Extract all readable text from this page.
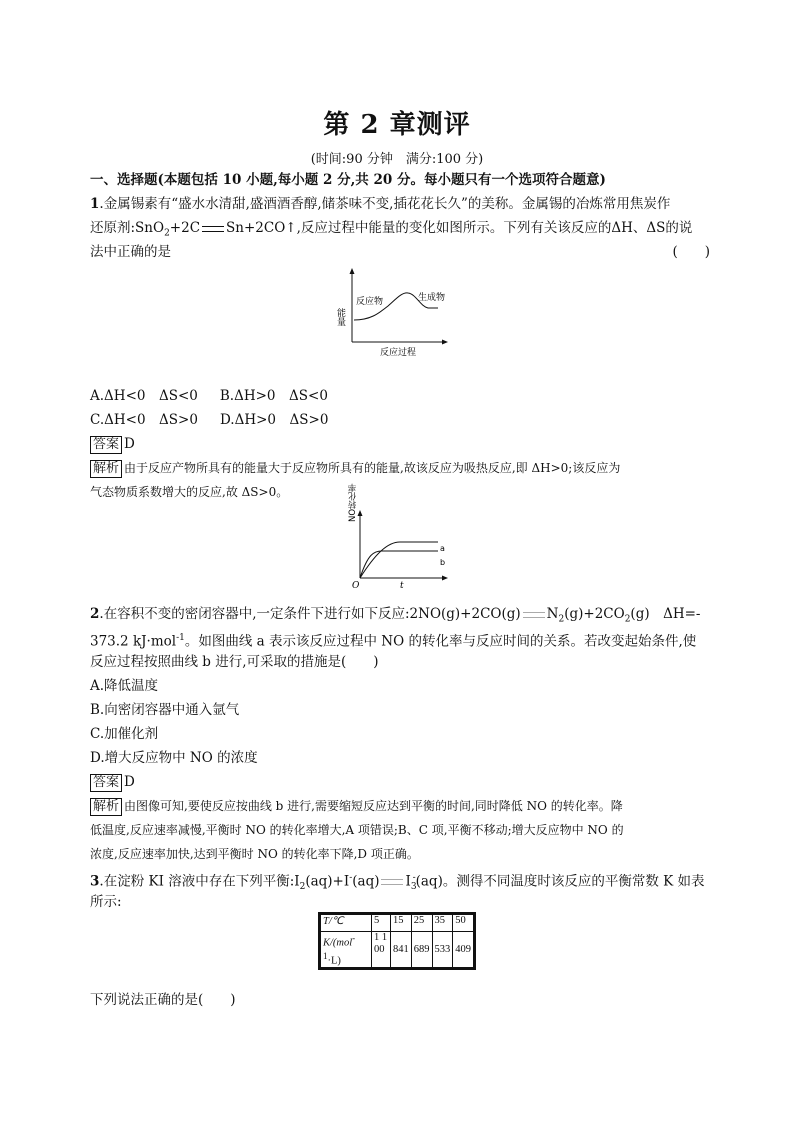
第 2 章测评
(时间:90 分钟　满分:100 分)
一、选择题(本题包括 10 小题,每小题 2 分,共 20 分。每小题只有一个选项符合题意)
1.金属锡素有“盛水水清甜,盛酒酒香醇,储茶味不变,插花花长久”的美称。金属锡的冶炼常用焦炭作
还原剂:SnO$_2$+2C Sn+2CO↑,反应过程中能量的变化如图所示。下列有关该反应的ΔH、ΔS的说
法中正确的是	(　　)
能量
反应物	生成物
反应过程
A.ΔH<0　ΔS<0 B.ΔH>0　ΔS<0
C.ΔH<0　ΔS>0 D.ΔH>0　ΔS>0
答案 D
解析 由于反应产物所具有的能量大于反应物所具有的能量,故该反应为吸热反应,即 ΔH>0;该反应为
气态物质系数增大的反应,故 ΔS>0。	NO转化率
a
b
O	t
2.在容积不变的密闭容器中,一定条件下进行如下反应:2NO(g)+2CO(g) $N_2(g)+2CO_2(g)$　ΔH=-
373.2 kJ·mol$^{-1}$。如图曲线 a 表示该反应过程中 NO 的转化率与反应时间的关系。若改变起始条件,使
反应过程按照曲线 b 进行,可采取的措施是(　　)
A.降低温度
B.向密闭容器中通入氩气
C.加催化剂
D.增大反应物中 NO 的浓度
答案 D
解析 由图像可知,要使反应按曲线 b 进行,需要缩短反应达到平衡的时间,同时降低 NO 的转化率。降
低温度,反应速率减慢,平衡时 NO 的转化率增大,A 项错误;B、C 项,平衡不移动;增大反应物中 NO 的
浓度,反应速率加快,达到平衡时 NO 的转化率下降,D 项正确。
3.在淀粉 KI 溶液中存在下列平衡$:I_2(aq)+I^-(aq)$ $I_3^-(aq)$。测得不同温度时该反应的平衡常数 K 如表
所示:
T/℃	5	15	25	35	50
K/(mol-
$^1$·L)	1 100	841	689	533	409
下列说法正确的是(　　)
